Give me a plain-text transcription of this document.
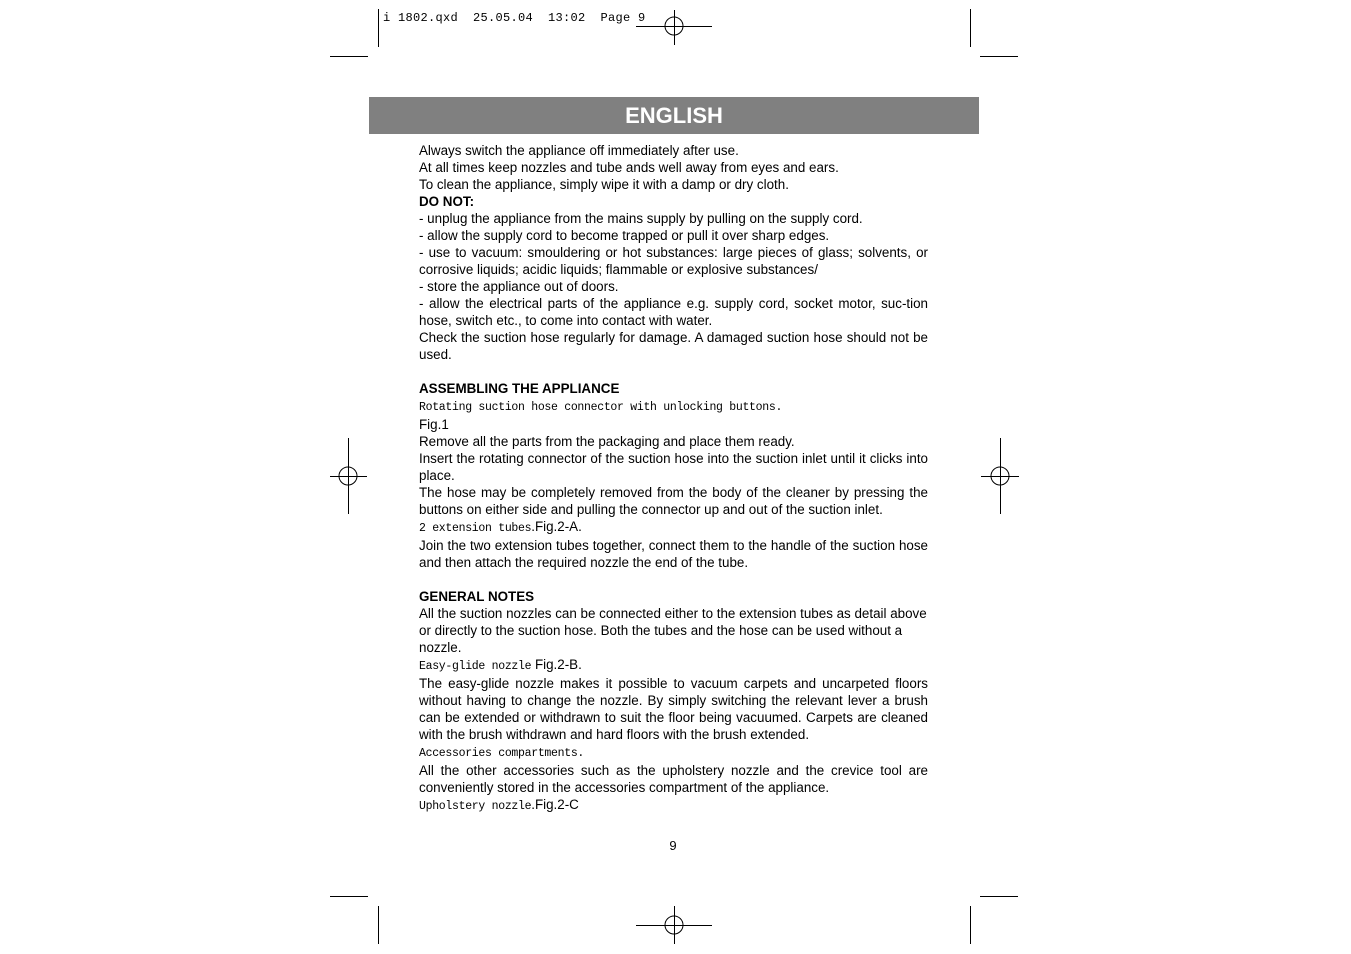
i 1802.qxd  25.05.04  13:02  Page 9
ENGLISH

Always switch the appliance off immediately after use.

At all times keep nozzles and tube ands well away from eyes and ears.

To clean the appliance, simply wipe it with a damp or dry cloth.

DO NOT:

- unplug the appliance from the mains supply by pulling on the supply cord.

- allow the supply cord to become trapped or pull it over sharp edges.

- use to vacuum: smouldering or hot substances: large pieces of glass; solvents, or corrosive liquids; acidic liquids; flammable or explosive substances/

- store the appliance out of doors.

- allow the electrical parts of the appliance e.g. supply cord, socket motor, suc-tion hose, switch etc., to come into contact with water.

Check the suction hose regularly for damage. A damaged suction hose should not be used.

ASSEMBLING THE APPLIANCE

Rotating suction hose connector with unlocking buttons.

Fig.1

Remove all the parts from the packaging and place them ready.

Insert the rotating connector of the suction hose into the suction inlet until it clicks into place.

The hose may be completely removed from the body of the cleaner by pressing the buttons on either side and pulling the connector up and out of the suction inlet.

2 extension tubes.Fig.2-A.

Join the two extension tubes together, connect them to the handle of the suction hose and then attach the required nozzle the end of the tube.

GENERAL NOTES

All the suction nozzles can be connected either to the extension tubes as detail above or directly to the suction hose. Both the tubes and the hose can be used without a nozzle.

Easy-glide nozzle Fig.2-B.

The easy-glide nozzle makes it possible to vacuum carpets and uncarpeted floors without having to change the nozzle. By simply switching the relevant lever a brush can be extended or withdrawn to suit the floor being vacuumed. Carpets are cleaned with the brush withdrawn and hard floors with the brush extended.

Accessories compartments.

All the other accessories such as the upholstery nozzle and the crevice tool are conveniently stored in the accessories compartment of the appliance.

Upholstery nozzle.Fig.2-C

9
